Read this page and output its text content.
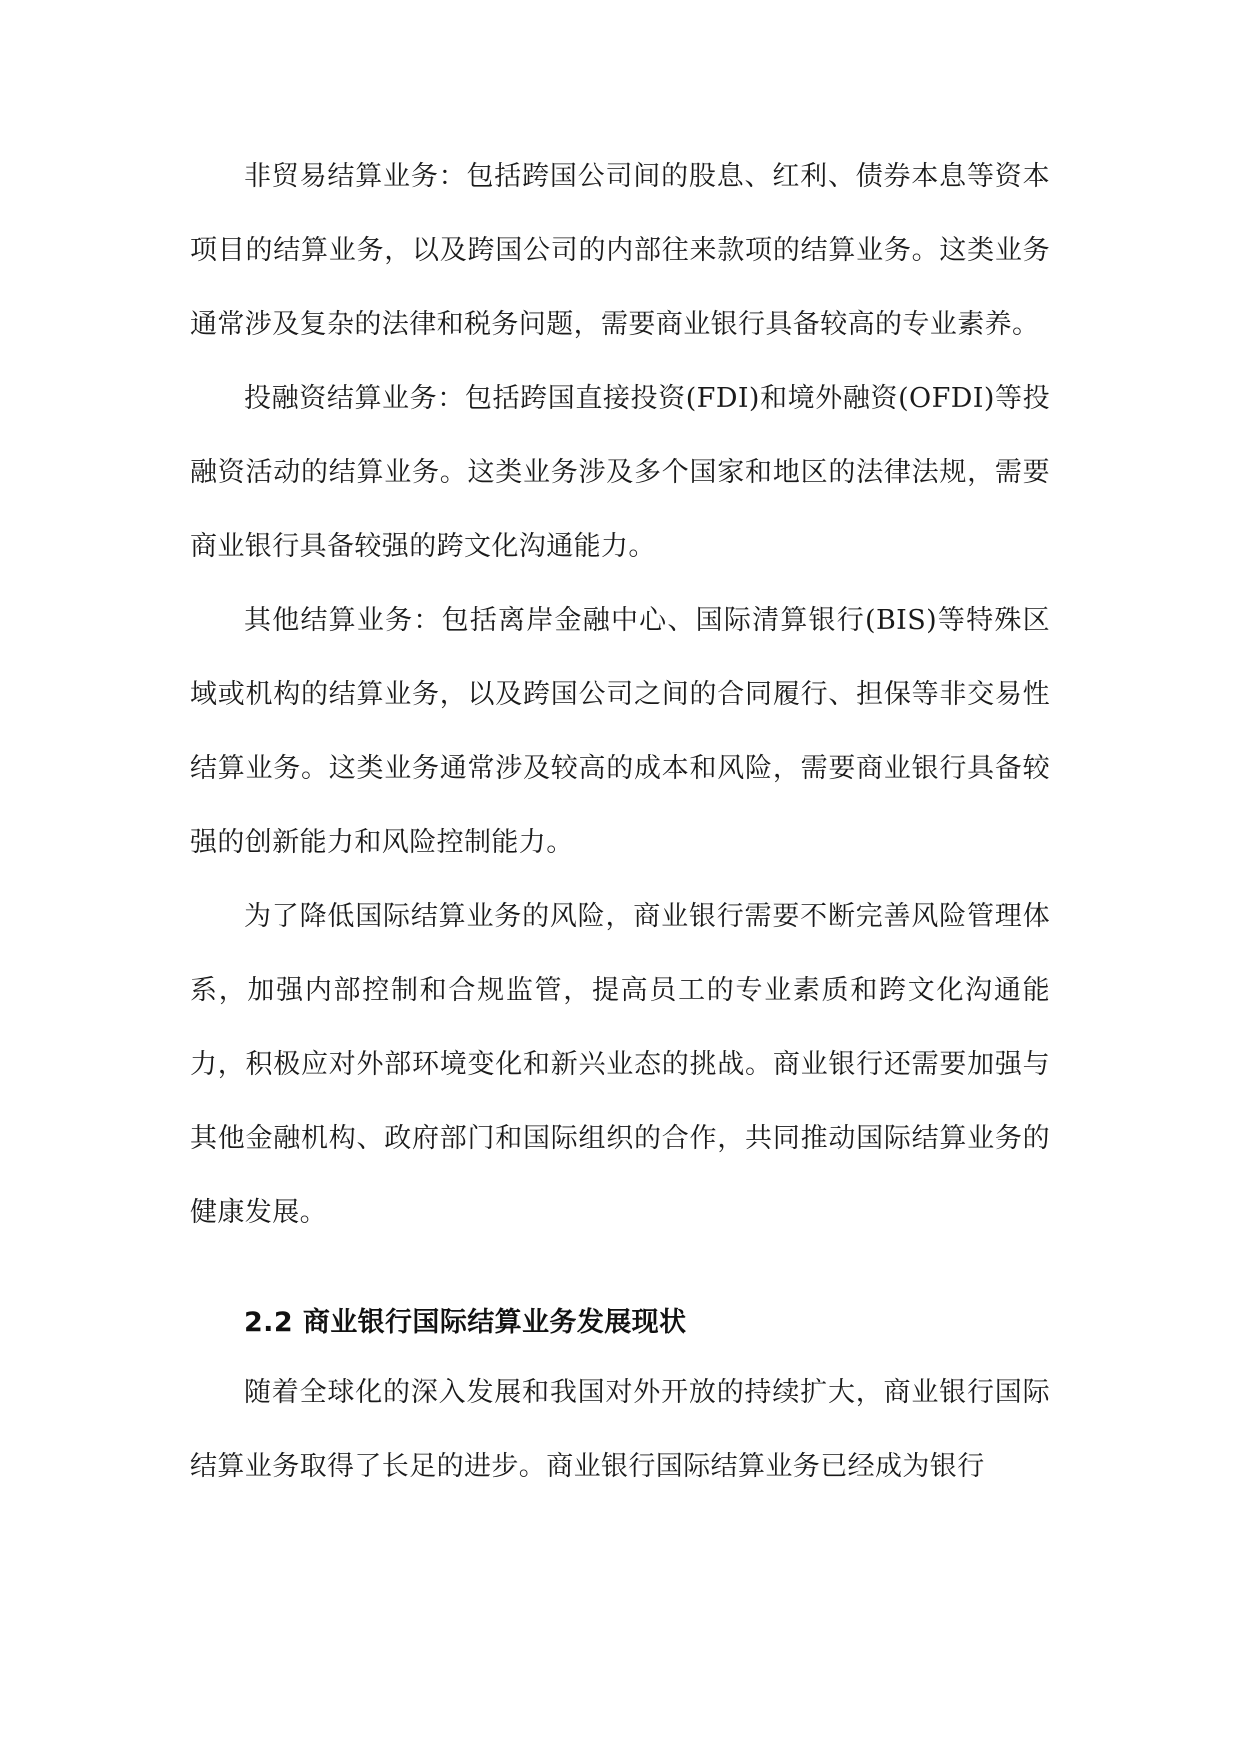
非贸易结算业务：包括跨国公司间的股息、红利、债券本息等资本项目的结算业务，以及跨国公司的内部往来款项的结算业务。这类业务通常涉及复杂的法律和税务问题，需要商业银行具备较高的专业素养。

投融资结算业务：包括跨国直接投资(FDI)和境外融资(OFDI)等投融资活动的结算业务。这类业务涉及多个国家和地区的法律法规，需要商业银行具备较强的跨文化沟通能力。

其他结算业务：包括离岸金融中心、国际清算银行(BIS)等特殊区域或机构的结算业务，以及跨国公司之间的合同履行、担保等非交易性结算业务。这类业务通常涉及较高的成本和风险，需要商业银行具备较强的创新能力和风险控制能力。

为了降低国际结算业务的风险，商业银行需要不断完善风险管理体系，加强内部控制和合规监管，提高员工的专业素质和跨文化沟通能力，积极应对外部环境变化和新兴业态的挑战。商业银行还需要加强与其他金融机构、政府部门和国际组织的合作，共同推动国际结算业务的健康发展。

2.2 商业银行国际结算业务发展现状

随着全球化的深入发展和我国对外开放的持续扩大，商业银行国际结算业务取得了长足的进步。商业银行国际结算业务已经成为银行
